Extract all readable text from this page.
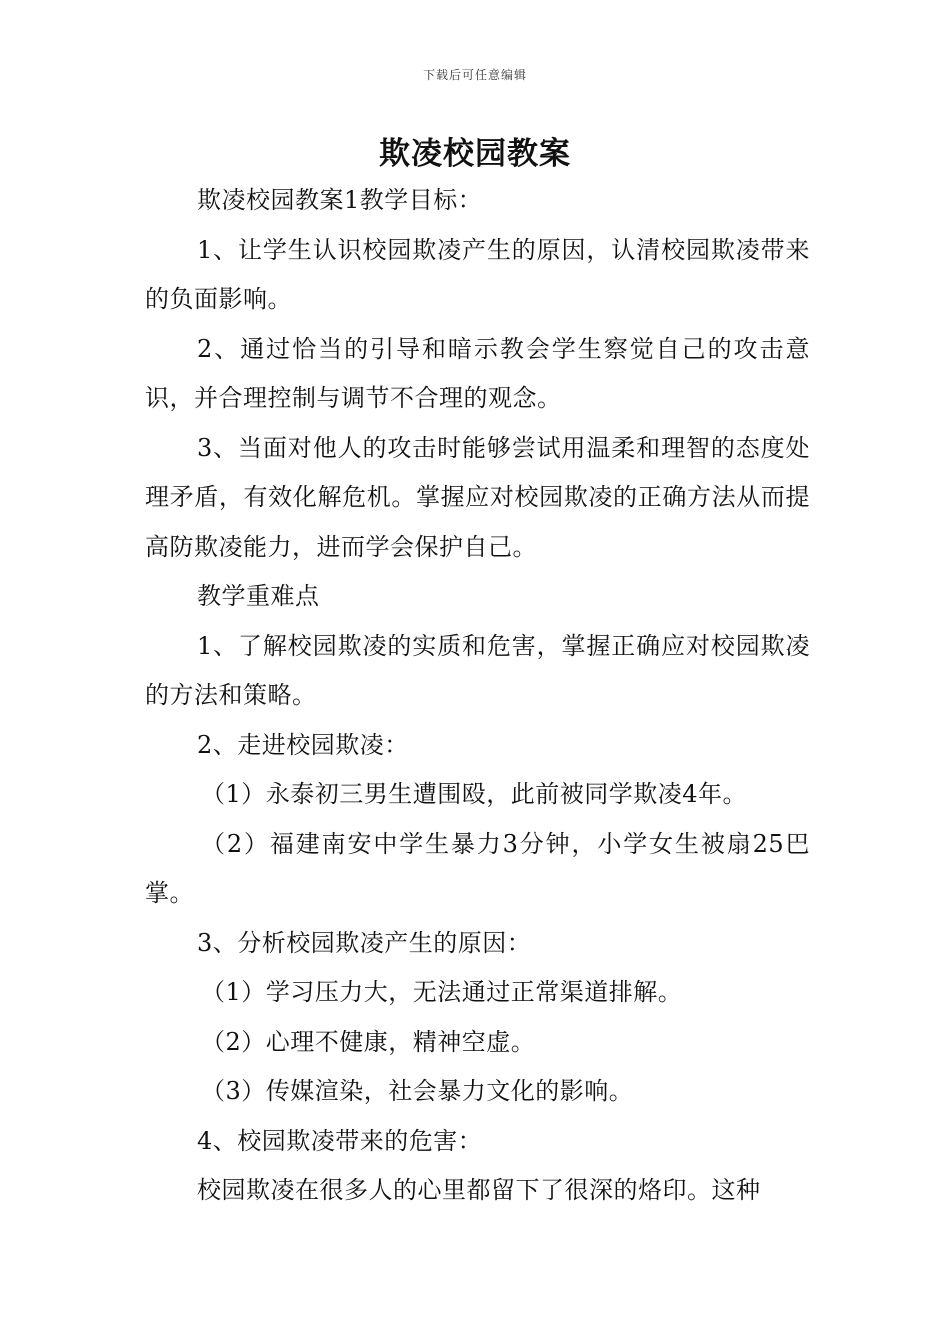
下载后可任意编辑
欺凌校园教案

欺凌校园教案1教学目标：

1、让学生认识校园欺凌产生的原因，认清校园欺凌带来的负面影响。

2、通过恰当的引导和暗示教会学生察觉自己的攻击意识，并合理控制与调节不合理的观念。

3、当面对他人的攻击时能够尝试用温柔和理智的态度处理矛盾，有效化解危机。掌握应对校园欺凌的正确方法从而提高防欺凌能力，进而学会保护自己。

教学重难点

1、了解校园欺凌的实质和危害，掌握正确应对校园欺凌的方法和策略。

2、走进校园欺凌：

（1）永泰初三男生遭围殴，此前被同学欺凌4年。

（2）福建南安中学生暴力3分钟，小学女生被扇25巴掌。

3、分析校园欺凌产生的原因：

（1）学习压力大，无法通过正常渠道排解。

（2）心理不健康，精神空虚。

（3）传媒渲染，社会暴力文化的影响。

4、校园欺凌带来的危害：

校园欺凌在很多人的心里都留下了很深的烙印。这种
